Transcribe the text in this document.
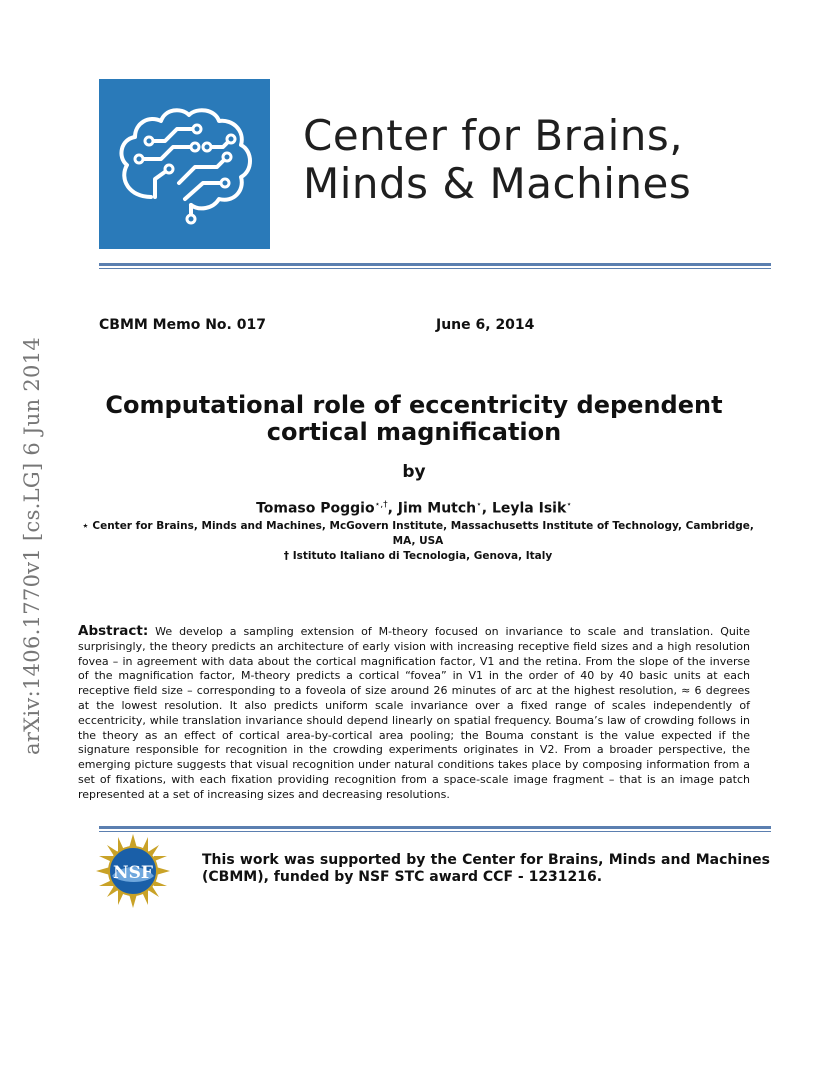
Center for Brains,
Minds & Machines
arXiv:1406.1770v1 [cs.LG] 6 Jun 2014
CBMM Memo No. 017	June 6, 2014
Computational role of eccentricity dependent
cortical magnification
by
Tomaso Poggio⋆,†, Jim Mutch⋆, Leyla Isik⋆
⋆ Center for Brains, Minds and Machines, McGovern Institute, Massachusetts Institute of Technology, Cambridge, MA, USA
† Istituto Italiano di Tecnologia, Genova, Italy
Abstract: We develop a sampling extension of M-theory focused on invariance to scale and translation. Quite surprisingly, the theory predicts an architecture of early vision with increasing receptive field sizes and a high resolution fovea – in agreement with data about the cortical magnification factor, V1 and the retina. From the slope of the inverse of the magnification factor, M-theory predicts a cortical “fovea” in V1 in the order of 40 by 40 basic units at each receptive field size – corresponding to a foveola of size around 26 minutes of arc at the highest resolution, ≈ 6 degrees at the lowest resolution. It also predicts uniform scale invariance over a fixed range of scales independently of eccentricity, while translation invariance should depend linearly on spatial frequency. Bouma’s law of crowding follows in the theory as an effect of cortical area-by-cortical area pooling; the Bouma constant is the value expected if the signature responsible for recognition in the crowding experiments originates in V2. From a broader perspective, the emerging picture suggests that visual recognition under natural conditions takes place by composing information from a set of fixations, with each fixation providing recognition from a space-scale image fragment – that is an image patch represented at a set of increasing sizes and decreasing resolutions.
NSF
This work was supported by the Center for Brains, Minds and Machines (CBMM), funded by NSF STC award CCF - 1231216.
